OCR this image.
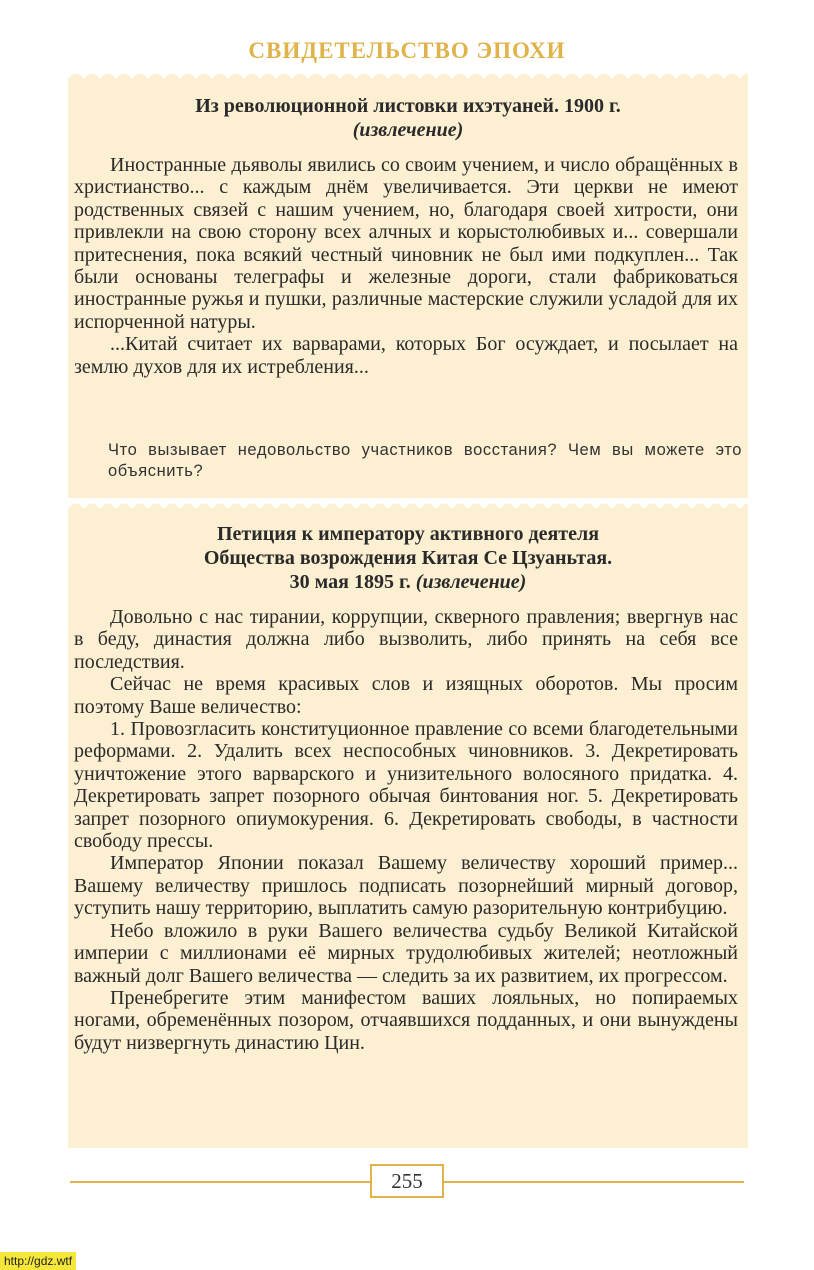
СВИДЕТЕЛЬСТВО ЭПОХИ
Из революционной листовки ихэтуаней. 1900 г.
(извлечение)

Иностранные дьяволы явились со своим учением, и число обращённых в христианство... с каждым днём увеличивается. Эти церкви не имеют родственных связей с нашим учением, но, благодаря своей хитрости, они привлекли на свою сторону всех алчных и корыстолюбивых и... совершали притеснения, пока всякий честный чиновник не был ими подкуплен... Так были основаны телеграфы и железные дороги, стали фабриковаться иностранные ружья и пушки, различные мастерские служили усладой для их испорченной натуры.

...Китай считает их варварами, которых Бог осуждает, и посылает на землю духов для их истребления...

Что вызывает недовольство участников восстания? Чем вы можете это объяснить?
Петиция к императору активного деятеля
Общества возрождения Китая Се Цзуаньтая.
30 мая 1895 г. (извлечение)

Довольно с нас тирании, коррупции, скверного правления; ввергнув нас в беду, династия должна либо вызволить, либо принять на себя все последствия.

Сейчас не время красивых слов и изящных оборотов. Мы просим поэтому Ваше величество:

1. Провозгласить конституционное правление со всеми благодетельными реформами. 2. Удалить всех неспособных чиновников. 3. Декретировать уничтожение этого варварского и унизительного волосяного придатка. 4. Декретировать запрет позорного обычая бинтования ног. 5. Декретировать запрет позорного опиумокурения. 6. Декретировать свободы, в частности свободу прессы.

Император Японии показал Вашему величеству хороший пример... Вашему величеству пришлось подписать позорнейший мирный договор, уступить нашу территорию, выплатить самую разорительную контрибуцию.

Небо вложило в руки Вашего величества судьбу Великой Китайской империи с миллионами её мирных трудолюбивых жителей; неотложный важный долг Вашего величества — следить за их развитием, их прогрессом.

Пренебрегите этим манифестом ваших лояльных, но попираемых ногами, обременённых позором, отчаявшихся подданных, и они вынуждены будут низвергнуть династию Цин.

255
http://gdz.wtf
